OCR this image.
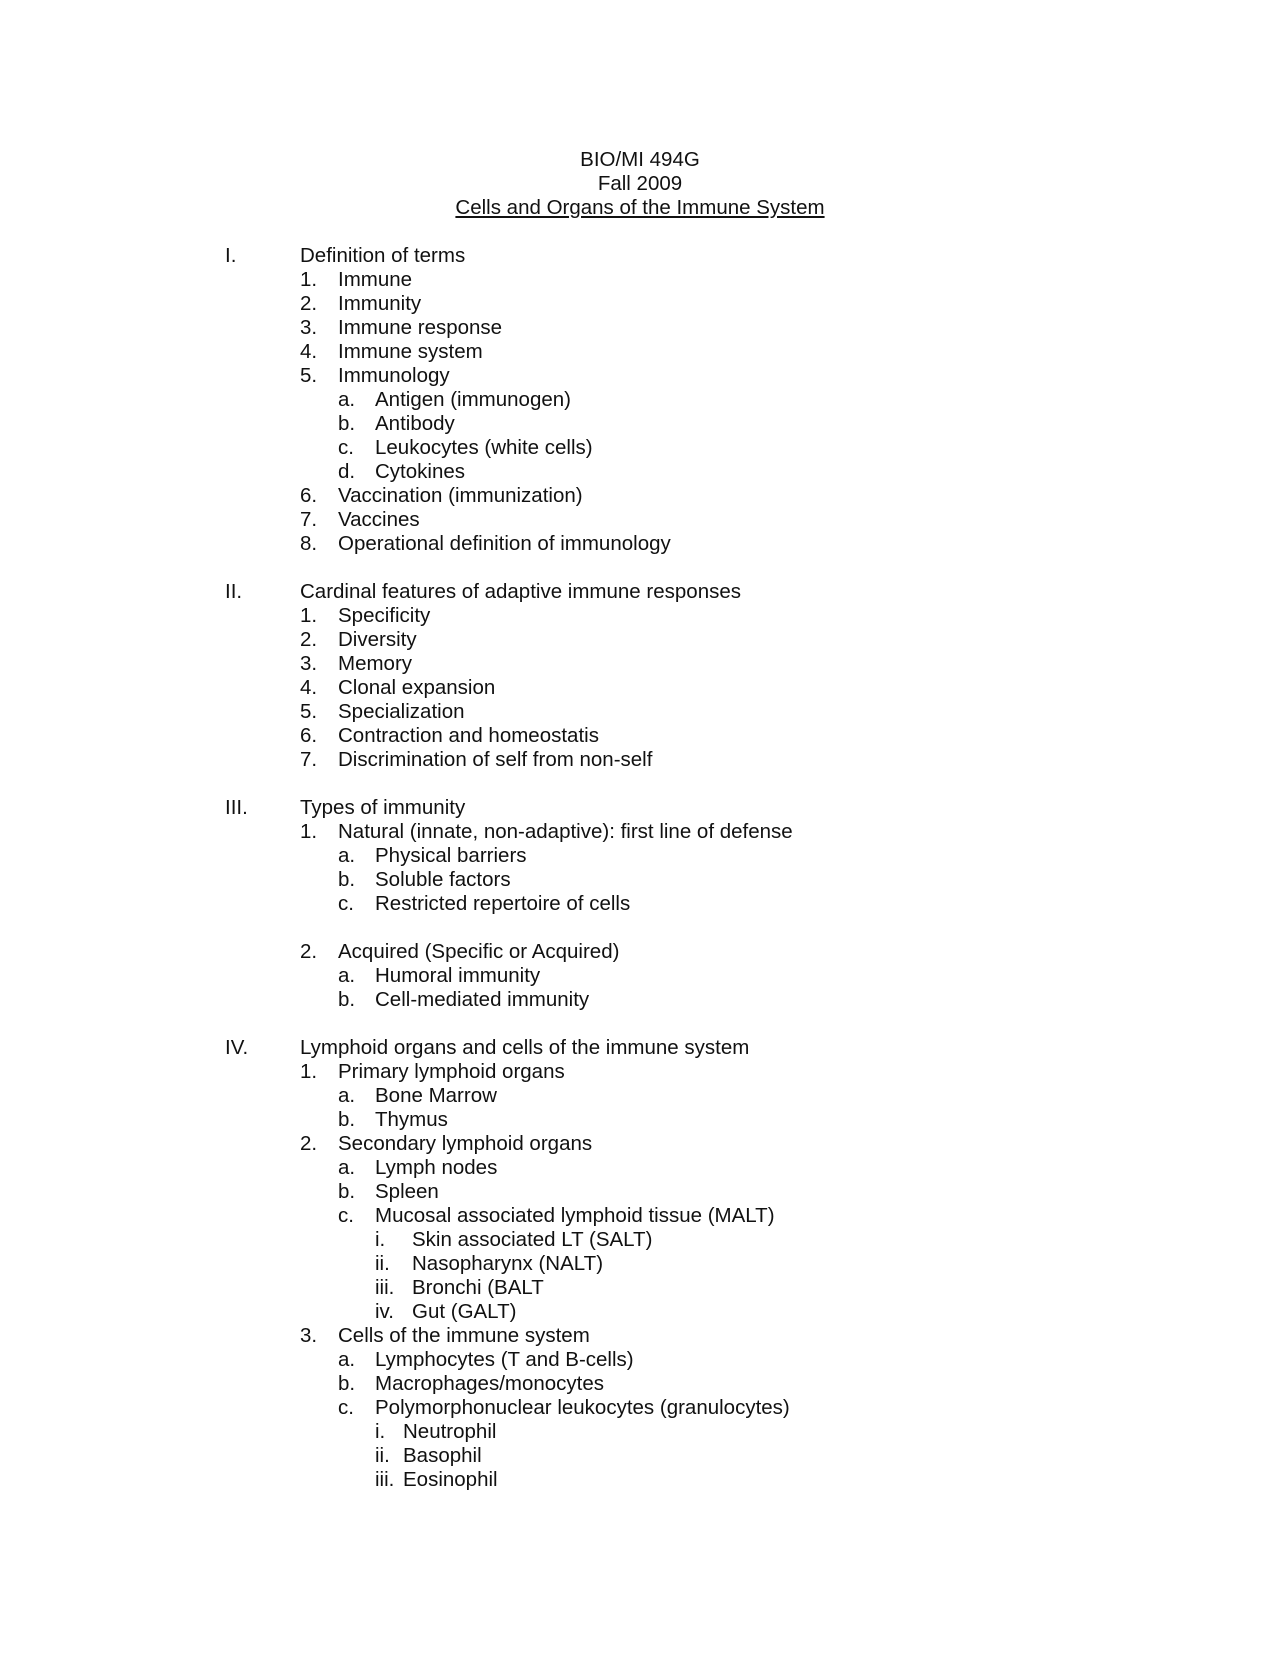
BIO/MI 494G
Fall 2009
Cells and Organs of the Immune System
I.	Definition of terms
1. Immune
2. Immunity
3. Immune response
4. Immune system
5. Immunology
a. Antigen (immunogen)
b. Antibody
c. Leukocytes (white cells)
d. Cytokines
6. Vaccination (immunization)
7. Vaccines
8. Operational definition of immunology
II.	Cardinal features of adaptive immune responses
1. Specificity
2. Diversity
3. Memory
4. Clonal expansion
5. Specialization
6. Contraction and homeostatis
7. Discrimination of self from non-self
III.	Types of immunity
1. Natural (innate, non-adaptive): first line of defense
a. Physical barriers
b. Soluble factors
c. Restricted repertoire of cells
2. Acquired (Specific or Acquired)
a. Humoral immunity
b. Cell-mediated immunity
IV.	Lymphoid organs and cells of the immune system
1. Primary lymphoid organs
a. Bone Marrow
b. Thymus
2. Secondary lymphoid organs
a. Lymph nodes
b. Spleen
c. Mucosal associated lymphoid tissue (MALT)
i. Skin associated LT (SALT)
ii. Nasopharynx (NALT)
iii. Bronchi (BALT
iv. Gut (GALT)
3. Cells of the immune system
a. Lymphocytes (T and B-cells)
b. Macrophages/monocytes
c. Polymorphonuclear leukocytes (granulocytes)
i. Neutrophil
ii. Basophil
iii. Eosinophil
